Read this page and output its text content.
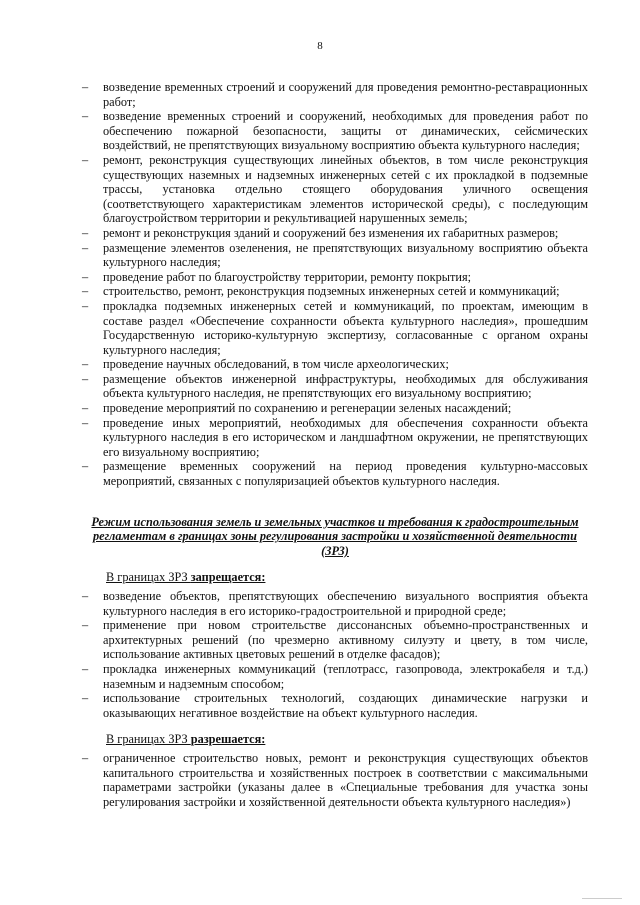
8
– возведение временных строений и сооружений для проведения ремонтно-реставрационных работ;
– возведение временных строений и сооружений, необходимых для проведения работ по обеспечению пожарной безопасности, защиты от динамических, сейсмических воздействий, не препятствующих визуальному восприятию объекта культурного наследия;
– ремонт, реконструкция существующих линейных объектов, в том числе реконструкция существующих наземных и надземных инженерных сетей с их прокладкой в подземные трассы, установка отдельно стоящего оборудования уличного освещения (соответствующего характеристикам элементов исторической среды), с последующим благоустройством территории и рекультивацией нарушенных земель;
– ремонт и реконструкция зданий и сооружений без изменения их габаритных размеров;
– размещение элементов озеленения, не препятствующих визуальному восприятию объекта культурного наследия;
– проведение работ по благоустройству территории, ремонту покрытия;
– строительство, ремонт, реконструкция подземных инженерных сетей и коммуникаций;
– прокладка подземных инженерных сетей и коммуникаций, по проектам, имеющим в составе раздел «Обеспечение сохранности объекта культурного наследия», прошедшим Государственную историко-культурную экспертизу, согласованные с органом охраны культурного наследия;
– проведение научных обследований, в том числе археологических;
– размещение объектов инженерной инфраструктуры, необходимых для обслуживания объекта культурного наследия, не препятствующих его визуальному восприятию;
– проведение мероприятий по сохранению и регенерации зеленых насаждений;
– проведение иных мероприятий, необходимых для обеспечения сохранности объекта культурного наследия в его историческом и ландшафтном окружении, не препятствующих его визуальному восприятию;
– размещение временных сооружений на период проведения культурно-массовых мероприятий, связанных с популяризацией объектов культурного наследия.
Режим использования земель и земельных участков и требования к градостроительным регламентам в границах зоны регулирования застройки и хозяйственной деятельности (ЗРЗ)
В границах ЗРЗ запрещается:
– возведение объектов, препятствующих обеспечению визуального восприятия объекта культурного наследия в его историко-градостроительной и природной среде;
– применение при новом строительстве диссонансных объемно-пространственных и архитектурных решений (по чрезмерно активному силуэту и цвету, в том числе, использование активных цветовых решений в отделке фасадов);
– прокладка инженерных коммуникаций (теплотрасс, газопровода, электрокабеля и т.д.) наземным и надземным способом;
– использование строительных технологий, создающих динамические нагрузки и оказывающих негативное воздействие на объект культурного наследия.
В границах ЗРЗ разрешается:
– ограниченное строительство новых, ремонт и реконструкция существующих объектов капитального строительства и хозяйственных построек в соответствии с максимальными параметрами застройки (указаны далее в «Специальные требования для участка зоны регулирования застройки и хозяйственной деятельности объекта культурного наследия»)
